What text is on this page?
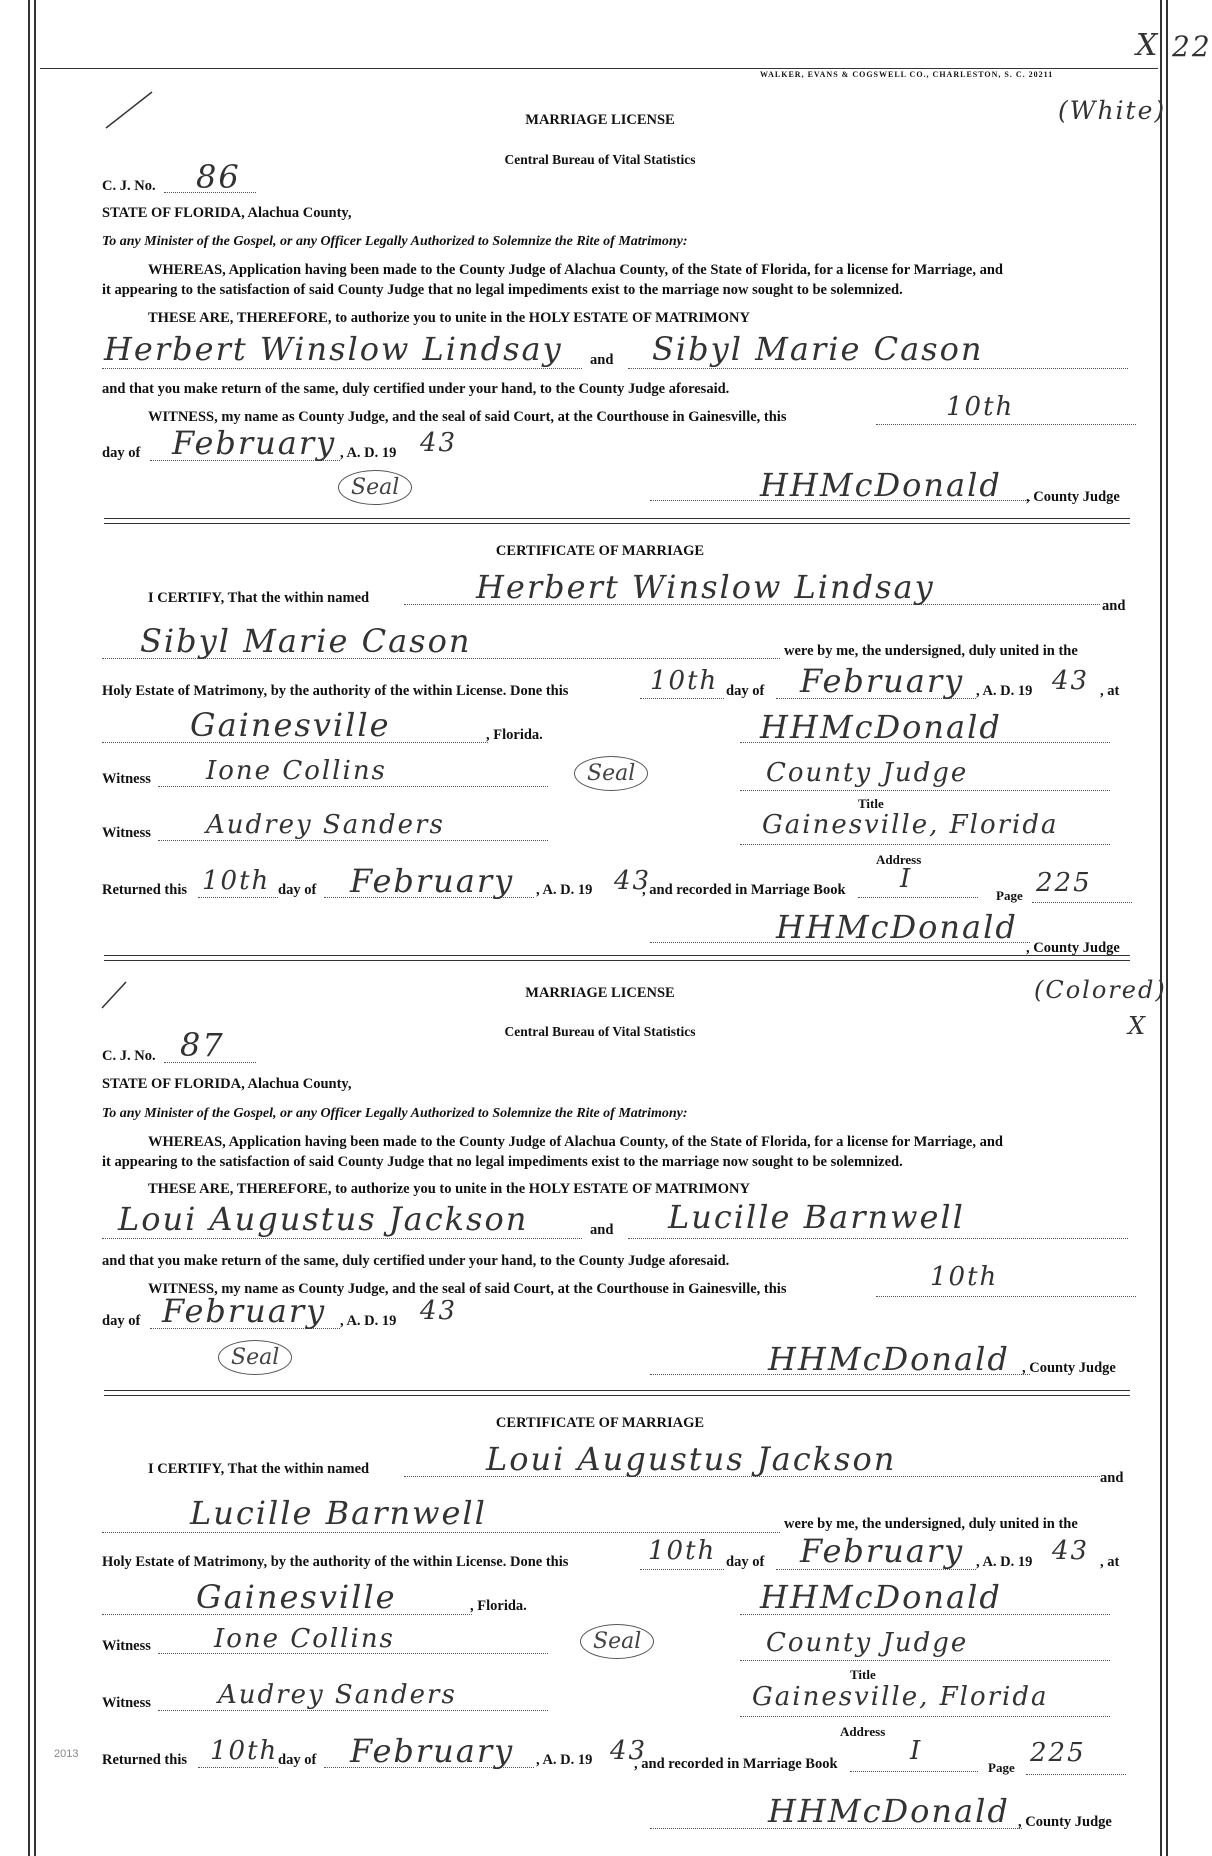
WALKER, EVANS & COGSWELL CO., CHARLESTON, S. C. 20211
X 22
MARRIAGE LICENSE	(White)
Central Bureau of Vital Statistics
C. J. No. 86
STATE OF FLORIDA, Alachua County,
To any Minister of the Gospel, or any Officer Legally Authorized to Solemnize the Rite of Matrimony:
WHEREAS, Application having been made to the County Judge of Alachua County, of the State of Florida, for a license for Marriage, and
it appearing to the satisfaction of said County Judge that no legal impediments exist to the marriage now sought to be solemnized.
THESE ARE, THEREFORE, to authorize you to unite in the HOLY ESTATE OF MATRIMONY
Herbert Winslow Lindsay and Sibyl Marie Cason
and that you make return of the same, duly certified under your hand, to the County Judge aforesaid.
WITNESS, my name as County Judge, and the seal of said Court, at the Courthouse in Gainesville, this	10th
day of February , A. D. 19 43
Seal	HHMcDonald , County Judge
CERTIFICATE OF MARRIAGE
I CERTIFY, That the within named	Herbert Winslow Lindsay	and
Sibyl Marie Cason	were by me, the undersigned, duly united in the
Holy Estate of Matrimony, by the authority of the within License. Done this	10th day of February , A. D. 19 43 , at
Gainesville	, Florida.	HHMcDonald
Witness Ione Collins	Seal	County Judge
Title
Witness Audrey Sanders	Gainesville, Florida
Address
Returned this 10th day of February , A. D. 19 43
, and recorded in Marriage Book I
Page 225
HHMcDonald
, County Judge
MARRIAGE LICENSE	(Colored)
X
Central Bureau of Vital Statistics
C. J. No. 87
STATE OF FLORIDA, Alachua County,
To any Minister of the Gospel, or any Officer Legally Authorized to Solemnize the Rite of Matrimony:
WHEREAS, Application having been made to the County Judge of Alachua County, of the State of Florida, for a license for Marriage, and
it appearing to the satisfaction of said County Judge that no legal impediments exist to the marriage now sought to be solemnized.
THESE ARE, THEREFORE, to authorize you to unite in the HOLY ESTATE OF MATRIMONY
Loui Augustus Jackson	and Lucille Barnwell
and that you make return of the same, duly certified under your hand, to the County Judge aforesaid.
WITNESS, my name as County Judge, and the seal of said Court, at the Courthouse in Gainesville, this	10th
day of February , A. D. 19 43
Seal	HHMcDonald , County Judge
CERTIFICATE OF MARRIAGE
I CERTIFY, That the within named	Loui Augustus Jackson	and
Lucille Barnwell	were by me, the undersigned, duly united in the
Holy Estate of Matrimony, by the authority of the within License. Done this	10th day of February , A. D. 19 43 , at
Gainesville	, Florida.	HHMcDonald
Witness Ione Collins	Seal	County Judge
Title
Witness	Audrey Sanders	Gainesville, Florida
Address
Returned this 10th day of February , A. D. 19 43
, and recorded in Marriage Book	I
Page 225
HHMcDonald , County Judge
2013
